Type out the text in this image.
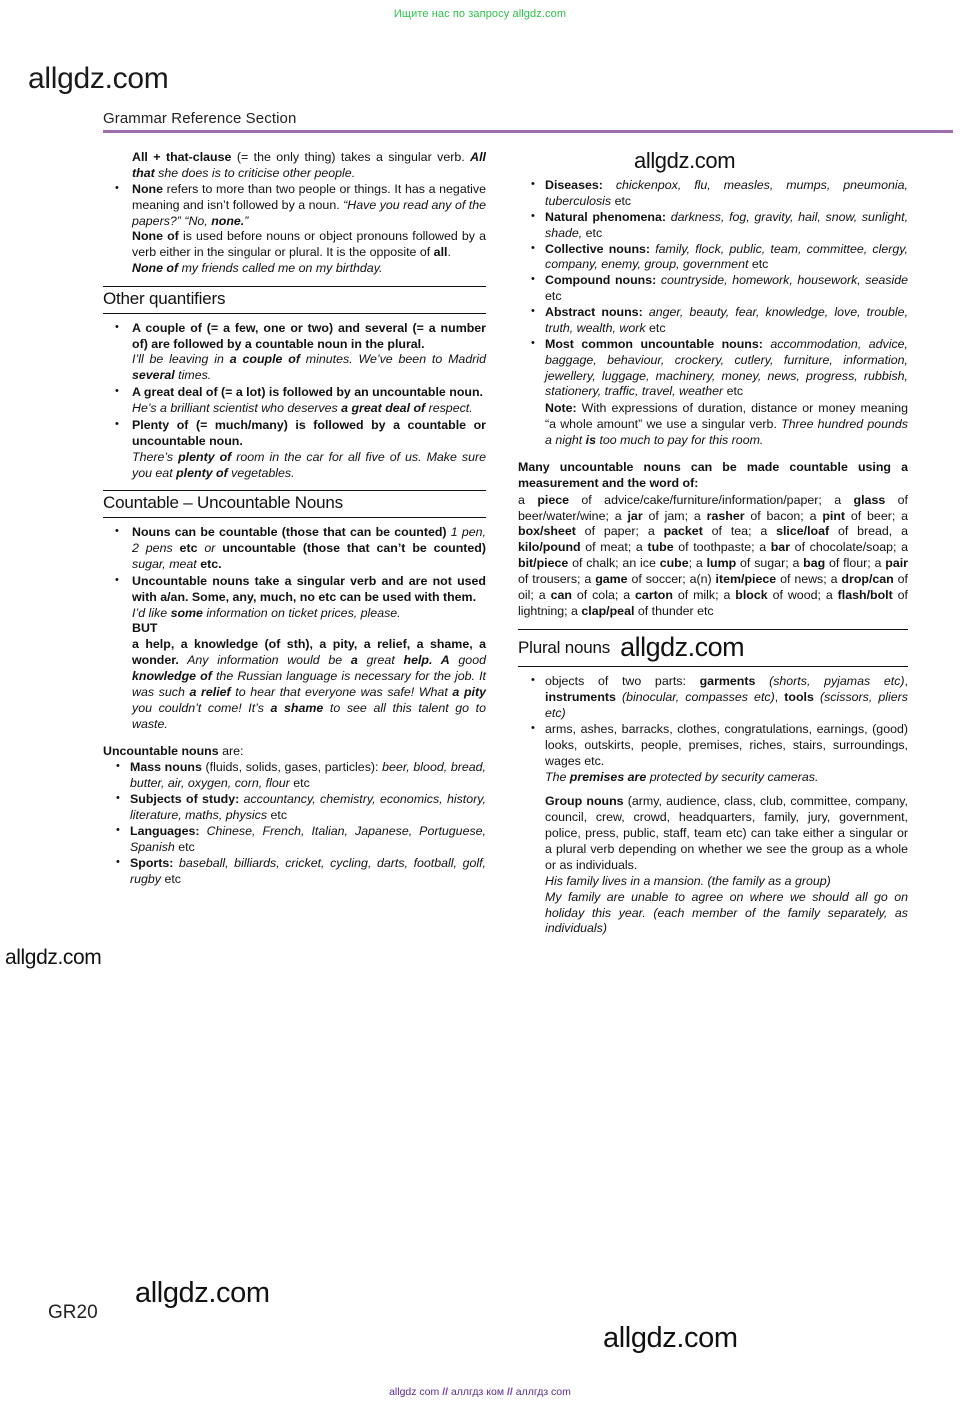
Ищите нас по запросу allgdz.com
allgdz.com
Grammar Reference Section
All + that-clause (= the only thing) takes a singular verb. All that she does is to criticise other people.
• None refers to more than two people or things. It has a negative meaning and isn’t followed by a noun. “Have you read any of the papers?” “No, none.”
None of is used before nouns or object pronouns followed by a verb either in the singular or plural. It is the opposite of all.
None of my friends called me on my birthday.
Other quantifiers
• A couple of (= a few, one or two) and several (= a number of) are followed by a countable noun in the plural.
I’ll be leaving in a couple of minutes. We’ve been to Madrid several times.
• A great deal of (= a lot) is followed by an uncountable noun.
He’s a brilliant scientist who deserves a great deal of respect.
• Plenty of (= much/many) is followed by a countable or uncountable noun.
There’s plenty of room in the car for all five of us. Make sure you eat plenty of vegetables.
Countable – Uncountable Nouns
• Nouns can be countable (those that can be counted) 1 pen, 2 pens etc or uncountable (those that can’t be counted) sugar, meat etc.
• Uncountable nouns take a singular verb and are not used with a/an. Some, any, much, no etc can be used with them.
I’d like some information on ticket prices, please.
BUT
a help, a knowledge (of sth), a pity, a relief, a shame, a wonder. Any information would be a great help. A good knowledge of the Russian language is necessary for the job. It was such a relief to hear that everyone was safe! What a pity you couldn’t come! It’s a shame to see all this talent go to waste.
Uncountable nouns are:
• Mass nouns (fluids, solids, gases, particles): beer, blood, bread, butter, air, oxygen, corn, flour etc
• Subjects of study: accountancy, chemistry, economics, history, literature, maths, physics etc
• Languages: Chinese, French, Italian, Japanese, Portuguese, Spanish etc
• Sports: baseball, billiards, cricket, cycling, darts, football, golf, rugby etc
• Diseases: chickenpox, flu, measles, mumps, pneumonia, tuberculosis etc
• Natural phenomena: darkness, fog, gravity, hail, snow, sunlight, shade, etc
• Collective nouns: family, flock, public, team, committee, clergy, company, enemy, group, government etc
• Compound nouns: countryside, homework, housework, seaside etc
• Abstract nouns: anger, beauty, fear, knowledge, love, trouble, truth, wealth, work etc
• Most common uncountable nouns: accommodation, advice, baggage, behaviour, crockery, cutlery, furniture, information, jewellery, luggage, machinery, money, news, progress, rubbish, stationery, traffic, travel, weather etc
Note: With expressions of duration, distance or money meaning “a whole amount” we use a singular verb. Three hundred pounds a night is too much to pay for this room.
Many uncountable nouns can be made countable using a measurement and the word of:
a piece of advice/cake/furniture/information/paper; a glass of beer/water/wine; a jar of jam; a rasher of bacon; a pint of beer; a box/sheet of paper; a packet of tea; a slice/loaf of bread, a kilo/pound of meat; a tube of toothpaste; a bar of chocolate/soap; a bit/piece of chalk; an ice cube; a lump of sugar; a bag of flour; a pair of trousers; a game of soccer; a(n) item/piece of news; a drop/can of oil; a can of cola; a carton of milk; a block of wood; a flash/bolt of lightning; a clap/peal of thunder etc
Plural nouns allgdz.com
• objects of two parts: garments (shorts, pyjamas etc), instruments (binocular, compasses etc), tools (scissors, pliers etc)
• arms, ashes, barracks, clothes, congratulations, earnings, (good) looks, outskirts, people, premises, riches, stairs, surroundings, wages etc.
The premises are protected by security cameras.
Group nouns (army, audience, class, club, committee, company, council, crew, crowd, headquarters, family, jury, government, police, press, public, staff, team etc) can take either a singular or a plural verb depending on whether we see the group as a whole or as individuals.
His family lives in a mansion. (the family as a group)
My family are unable to agree on where we should all go on holiday this year. (each member of the family separately, as individuals)
allgdz.com
allgdz.com
allgdz.com
allgdz.com
GR20
allgdz com // аллгдз ком // аллгдз com
